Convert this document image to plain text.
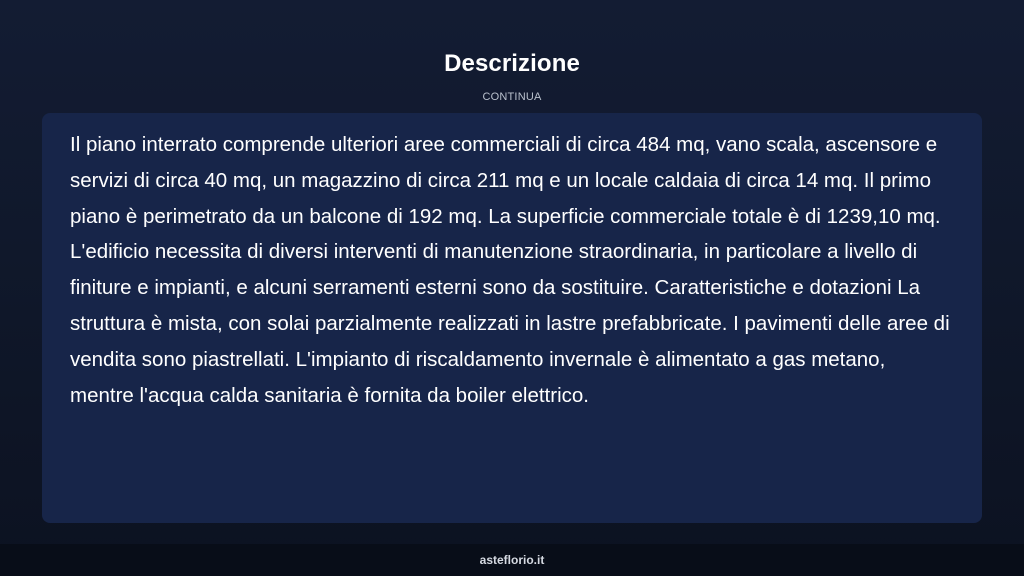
Descrizione
CONTINUA

Il piano interrato comprende ulteriori aree commerciali di circa 484 mq, vano scala, ascensore e servizi di circa 40 mq, un magazzino di circa 211 mq e un locale caldaia di circa 14 mq. Il primo piano è perimetrato da un balcone di 192 mq. La superficie commerciale totale è di 1239,10 mq. L'edificio necessita di diversi interventi di manutenzione straordinaria, in particolare a livello di finiture e impianti, e alcuni serramenti esterni sono da sostituire. Caratteristiche e dotazioni La struttura è mista, con solai parzialmente realizzati in lastre prefabbricate. I pavimenti delle aree di vendita sono piastrellati. L'impianto di riscaldamento invernale è alimentato a gas metano, mentre l'acqua calda sanitaria è fornita da boiler elettrico.

asteflorio.it
